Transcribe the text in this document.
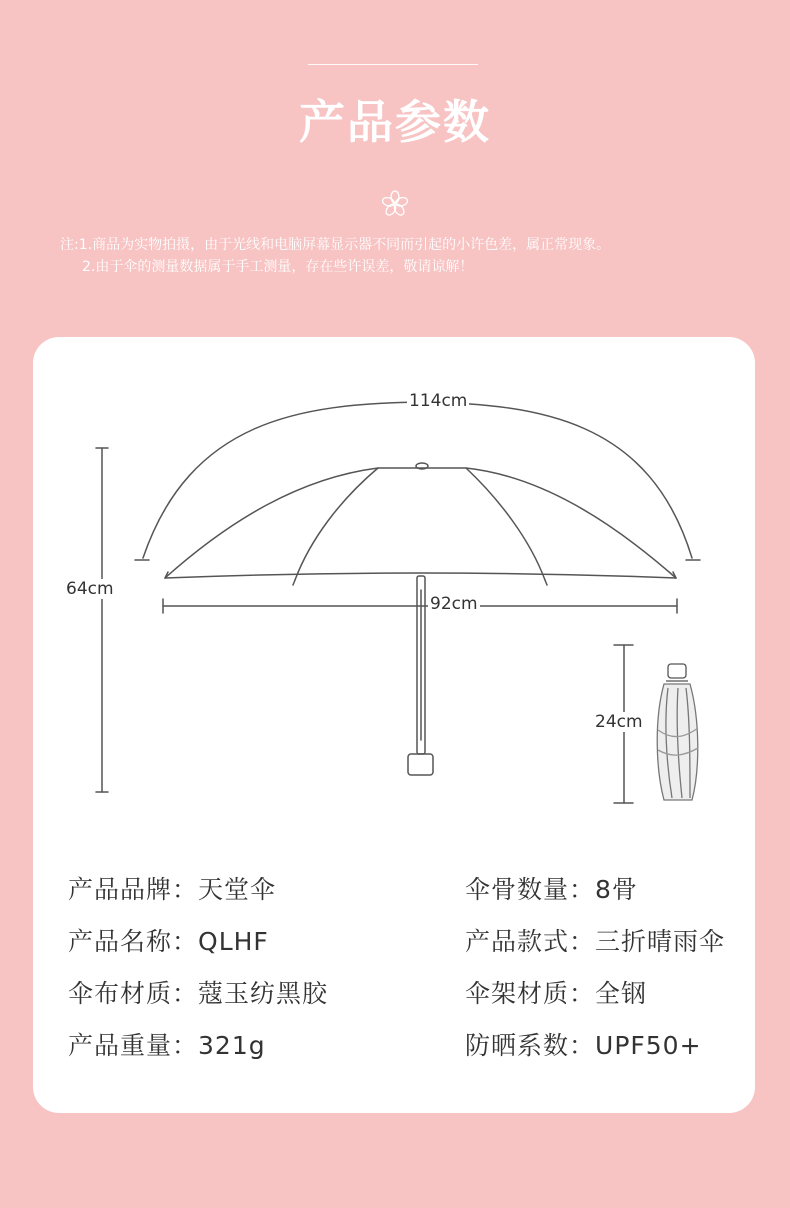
产品参数
注:1.商品为实物拍摄，由于光线和电脑屏幕显示器不同而引起的小许色差，属正常现象。
2.由于伞的测量数据属于手工测量，存在些许误差，敬请谅解！
114cm
64cm
92cm
24cm
产品品牌：天堂伞
产品名称：QLHF
伞布材质：蔻玉纺黑胶
产品重量：321g
伞骨数量：8骨
产品款式：三折晴雨伞
伞架材质：全钢
防晒系数：UPF50+
